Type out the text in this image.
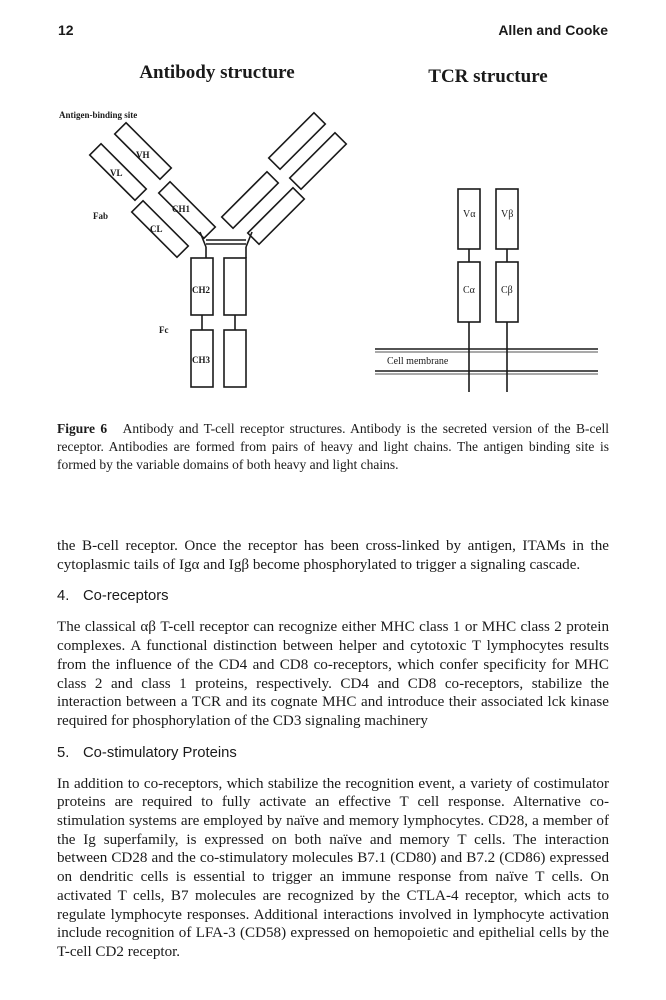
12	Allen and Cooke
Antibody structure	TCR structure
Antigen-binding site
Fab
Fc
VH
VL
CH1
CL
CH2
CH3
Vα	Vβ
Cα	Cβ
Cell membrane
Figure 6 Antibody and T-cell receptor structures. Antibody is the secreted version of the B-cell receptor. Antibodies are formed from pairs of heavy and light chains. The antigen binding site is formed by the variable domains of both heavy and light chains.

the B-cell receptor. Once the receptor has been cross-linked by antigen, ITAMs in the cytoplasmic tails of Igα and Igβ become phosphorylated to trigger a signaling cascade.

4. Co-receptors

The classical αβ T-cell receptor can recognize either MHC class 1 or MHC class 2 protein complexes. A functional distinction between helper and cytotoxic T lymphocytes results from the influence of the CD4 and CD8 co-receptors, which confer specificity for MHC class 2 and class 1 proteins, respectively. CD4 and CD8 co-receptors, stabilize the interaction between a TCR and its cognate MHC and introduce their associated lck kinase required for phosphorylation of the CD3 signaling machinery

5. Co-stimulatory Proteins

In addition to co-receptors, which stabilize the recognition event, a variety of costimulator proteins are required to fully activate an effective T cell response. Alternative co-stimulation systems are employed by naïve and memory lymphocytes. CD28, a member of the Ig superfamily, is expressed on both naïve and memory T cells. The interaction between CD28 and the co-stimulatory molecules B7.1 (CD80) and B7.2 (CD86) expressed on dendritic cells is essential to trigger an immune response from naïve T cells. On activated T cells, B7 molecules are recognized by the CTLA-4 receptor, which acts to regulate lymphocyte responses. Additional interactions involved in lymphocyte activation include recognition of LFA-3 (CD58) expressed on hemopoietic and epithelial cells by the T-cell CD2 receptor.
